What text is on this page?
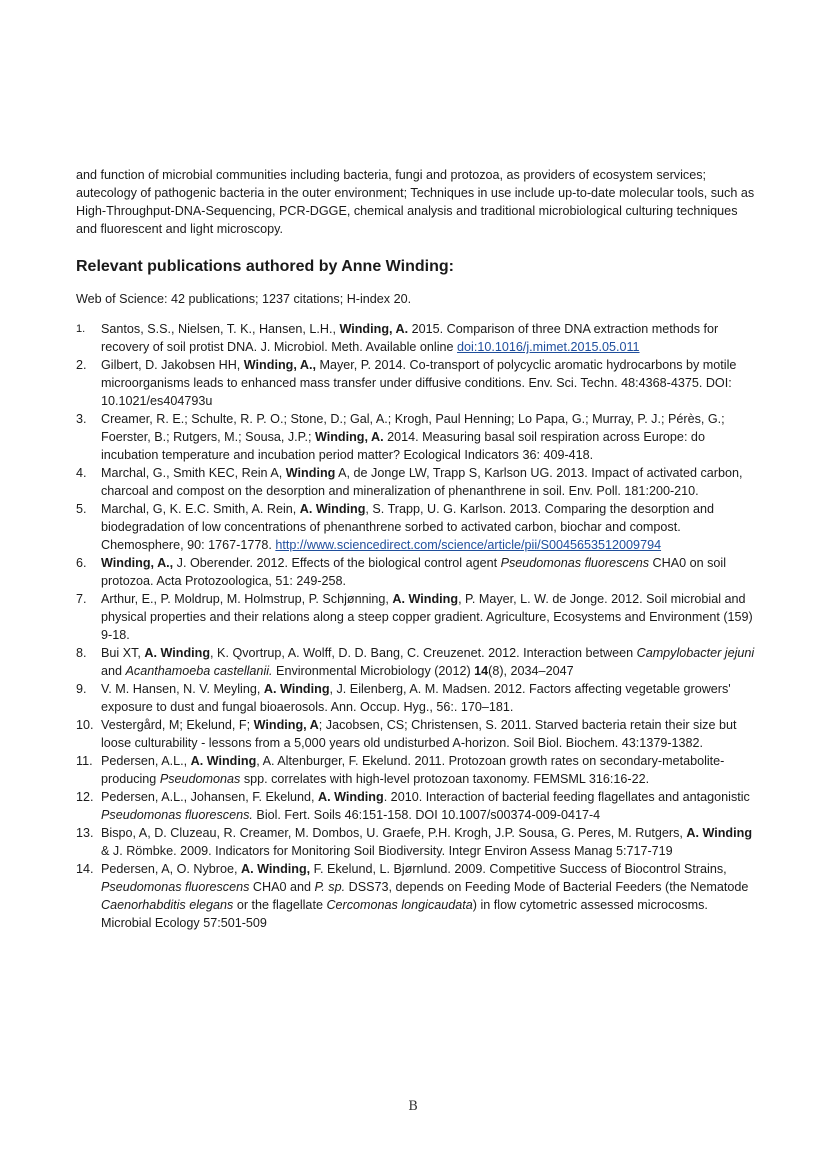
and function of microbial communities including bacteria, fungi and protozoa, as providers of ecosystem services; autecology of pathogenic bacteria in the outer environment; Techniques in use include up-to-date molecular tools, such as High-Throughput-DNA-Sequencing, PCR-DGGE, chemical analysis and traditional microbiological culturing techniques and fluorescent and light microscopy.

Relevant publications authored by Anne Winding:
Web of Science: 42 publications; 1237 citations; H-index 20.
1. Santos, S.S., Nielsen, T. K., Hansen, L.H., Winding, A. 2015. Comparison of three DNA extraction methods for recovery of soil protist DNA. J. Microbiol. Meth. Available online doi:10.1016/j.mimet.2015.05.011
2. Gilbert, D. Jakobsen HH, Winding, A., Mayer, P. 2014. Co-transport of polycyclic aromatic hydrocarbons by motile microorganisms leads to enhanced mass transfer under diffusive conditions. Env. Sci. Techn. 48:4368-4375. DOI: 10.1021/es404793u
3. Creamer, R. E.; Schulte, R. P. O.; Stone, D.; Gal, A.; Krogh, Paul Henning; Lo Papa, G.; Murray, P. J.; Pérès, G.; Foerster, B.; Rutgers, M.; Sousa, J.P.; Winding, A. 2014. Measuring basal soil respiration across Europe: do incubation temperature and incubation period matter? Ecological Indicators 36: 409-418.
4. Marchal, G., Smith KEC, Rein A, Winding A, de Jonge LW, Trapp S, Karlson UG. 2013. Impact of activated carbon, charcoal and compost on the desorption and mineralization of phenanthrene in soil. Env. Poll. 181:200-210.
5. Marchal, G, K. E.C. Smith, A. Rein, A. Winding, S. Trapp, U. G. Karlson. 2013. Comparing the desorption and biodegradation of low concentrations of phenanthrene sorbed to activated carbon, biochar and compost. Chemosphere, 90: 1767-1778. http://www.sciencedirect.com/science/article/pii/S0045653512009794
6. Winding, A., J. Oberender. 2012. Effects of the biological control agent Pseudomonas fluorescens CHA0 on soil protozoa. Acta Protozoologica, 51: 249-258.
7. Arthur, E., P. Moldrup, M. Holmstrup, P. Schjønning, A. Winding, P. Mayer, L. W. de Jonge. 2012. Soil microbial and physical properties and their relations along a steep copper gradient. Agriculture, Ecosystems and Environment (159) 9-18.
8. Bui XT, A. Winding, K. Qvortrup, A. Wolff, D. D. Bang, C. Creuzenet. 2012. Interaction between Campylobacter jejuni and Acanthamoeba castellanii. Environmental Microbiology (2012) 14(8), 2034–2047
9. V. M. Hansen, N. V. Meyling, A. Winding, J. Eilenberg, A. M. Madsen. 2012. Factors affecting vegetable growers' exposure to dust and fungal bioaerosols. Ann. Occup. Hyg., 56:. 170–181.
10. Vestergård, M; Ekelund, F; Winding, A; Jacobsen, CS; Christensen, S. 2011. Starved bacteria retain their size but loose culturability - lessons from a 5,000 years old undisturbed A-horizon. Soil Biol. Biochem. 43:1379-1382.
11. Pedersen, A.L., A. Winding, A. Altenburger, F. Ekelund. 2011. Protozoan growth rates on secondary-metabolite-producing Pseudomonas spp. correlates with high-level protozoan taxonomy. FEMSML 316:16-22.
12. Pedersen, A.L., Johansen, F. Ekelund, A. Winding. 2010. Interaction of bacterial feeding flagellates and antagonistic Pseudomonas fluorescens. Biol. Fert. Soils 46:151-158. DOI 10.1007/s00374-009-0417-4
13. Bispo, A, D. Cluzeau, R. Creamer, M. Dombos, U. Graefe, P.H. Krogh, J.P. Sousa, G. Peres, M. Rutgers, A. Winding & J. Römbke. 2009. Indicators for Monitoring Soil Biodiversity. Integr Environ Assess Manag 5:717-719
14. Pedersen, A, O. Nybroe, A. Winding, F. Ekelund, L. Bjørnlund. 2009. Competitive Success of Biocontrol Strains, Pseudomonas fluorescens CHA0 and P. sp. DSS73, depends on Feeding Mode of Bacterial Feeders (the Nematode Caenorhabditis elegans or the flagellate Cercomonas longicaudata) in flow cytometric assessed microcosms. Microbial Ecology 57:501-509
B
